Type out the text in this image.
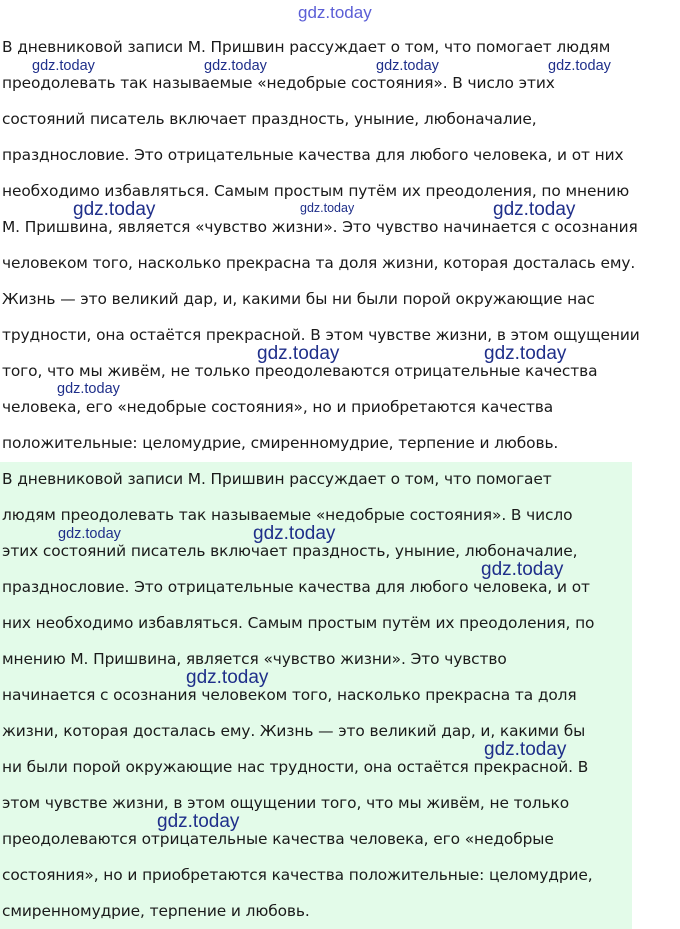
gdz.today
В дневниковой записи М. Пришвин рассуждает о том, что помогает людям
преодолевать так называемые «недобрые состояния». В число этих
состояний писатель включает праздность, уныние, любоначалие,
празднословие. Это отрицательные качества для любого человека, и от них
необходимо избавляться. Самым простым путём их преодоления, по мнению
М. Пришвина, является «чувство жизни». Это чувство начинается с осознания
человеком того, насколько прекрасна та доля жизни, которая досталась ему.
Жизнь — это великий дар, и, какими бы ни были порой окружающие нас
трудности, она остаётся прекрасной. В этом чувстве жизни, в этом ощущении
того, что мы живём, не только преодолеваются отрицательные качества
человека, его «недобрые состояния», но и приобретаются качества
положительные: целомудрие, смиренномудрие, терпение и любовь.
В дневниковой записи М. Пришвин рассуждает о том, что помогает
людям преодолевать так называемые «недобрые состояния». В число
этих состояний писатель включает праздность, уныние, любоначалие,
празднословие. Это отрицательные качества для любого человека, и от
них необходимо избавляться. Самым простым путём их преодоления, по
мнению М. Пришвина, является «чувство жизни». Это чувство
начинается с осознания человеком того, насколько прекрасна та доля
жизни, которая досталась ему. Жизнь — это великий дар, и, какими бы
ни были порой окружающие нас трудности, она остаётся прекрасной. В
этом чувстве жизни, в этом ощущении того, что мы живём, не только
преодолеваются отрицательные качества человека, его «недобрые
состояния», но и приобретаются качества положительные: целомудрие,
смиренномудрие, терпение и любовь.
gdz.today	gdz.today	gdz.today	gdz.today
gdz.today	gdz.today	gdz.today
gdz.today	gdz.today
gdz.today
gdz.today	gdz.today
gdz.today
gdz.today
gdz.today
gdz.today
